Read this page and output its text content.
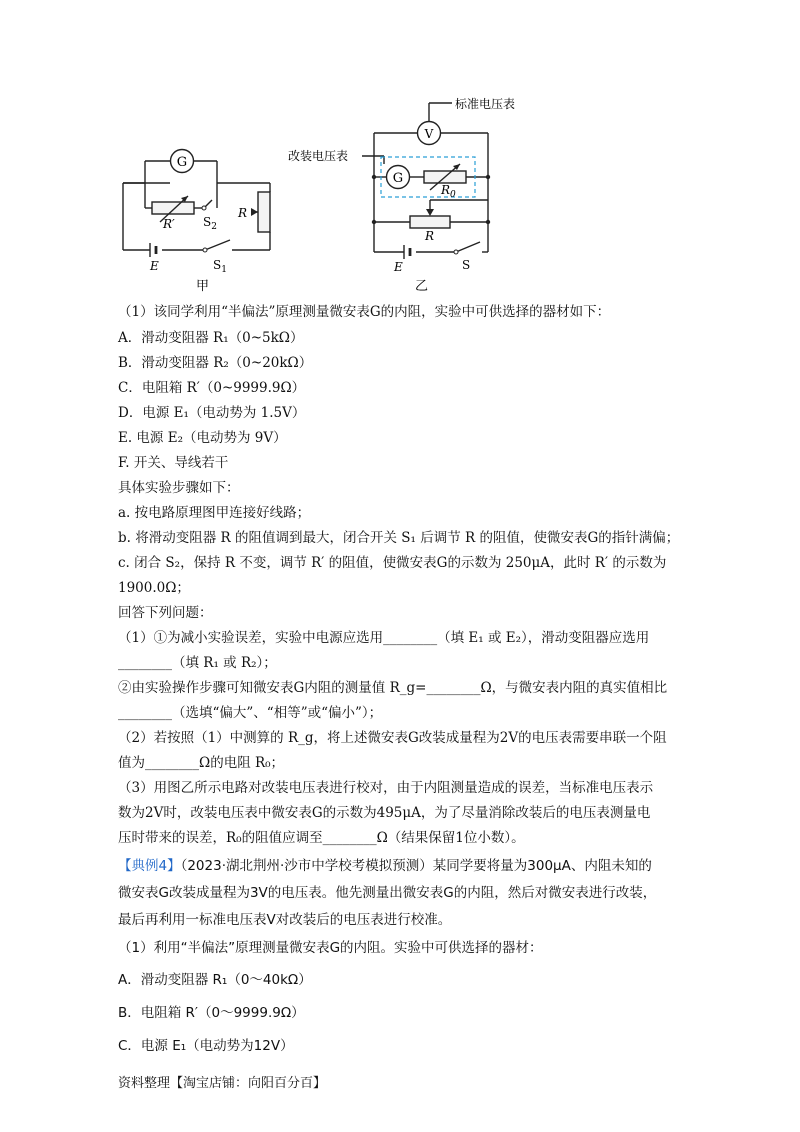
G
R′ $S_2$
R
E	$S_1$
甲
V
标准电压表
改装电压表
G
$R_0$
R
E	S
乙
（1）该同学利用“半偏法”原理测量微安表G的内阻，实验中可供选择的器材如下：
A．滑动变阻器 R₁（0~5kΩ）
B．滑动变阻器 R₂（0~20kΩ）
C．电阻箱 R′（0~9999.9Ω）
D．电源 E₁（电动势为 1.5V）
E. 电源 E₂（电动势为 9V）
F. 开关、导线若干
具体实验步骤如下：
a. 按电路原理图甲连接好线路；
b. 将滑动变阻器 R 的阻值调到最大，闭合开关 S₁ 后调节 R 的阻值，使微安表G的指针满偏；
c. 闭合 S₂，保持 R 不变，调节 R′ 的阻值，使微安表G的示数为 250μA，此时 R′ 的示数为
1900.0Ω；
回答下列问题：
（1）①为减小实验误差，实验中电源应选用________（填 E₁ 或 E₂），滑动变阻器应选用
________（填 R₁ 或 R₂）；
②由实验操作步骤可知微安表G内阻的测量值 R_g=________Ω，与微安表内阻的真实值相比
________（选填“偏大”、“相等”或“偏小”）；
（2）若按照（1）中测算的 R_g，将上述微安表G改装成量程为2V的电压表需要串联一个阻
值为________Ω的电阻 R₀；
（3）用图乙所示电路对改装电压表进行校对，由于内阻测量造成的误差，当标准电压表示
数为2V时，改装电压表中微安表G的示数为495μA，为了尽量消除改装后的电压表测量电
压时带来的误差，R₀的阻值应调至________Ω（结果保留1位小数）。
【典例4】（2023·湖北荆州·沙市中学校考模拟预测）某同学要将量为300μA、内阻未知的
微安表G改装成量程为3V的电压表。他先测量出微安表G的内阻，然后对微安表进行改装，
最后再利用一标准电压表V对改装后的电压表进行校准。
（1）利用“半偏法”原理测量微安表G的内阻。实验中可供选择的器材：
A．滑动变阻器 R₁（0～40kΩ）
B．电阻箱 R′（0～9999.9Ω）
C．电源 E₁（电动势为12V）
资料整理【淘宝店铺：向阳百分百】
